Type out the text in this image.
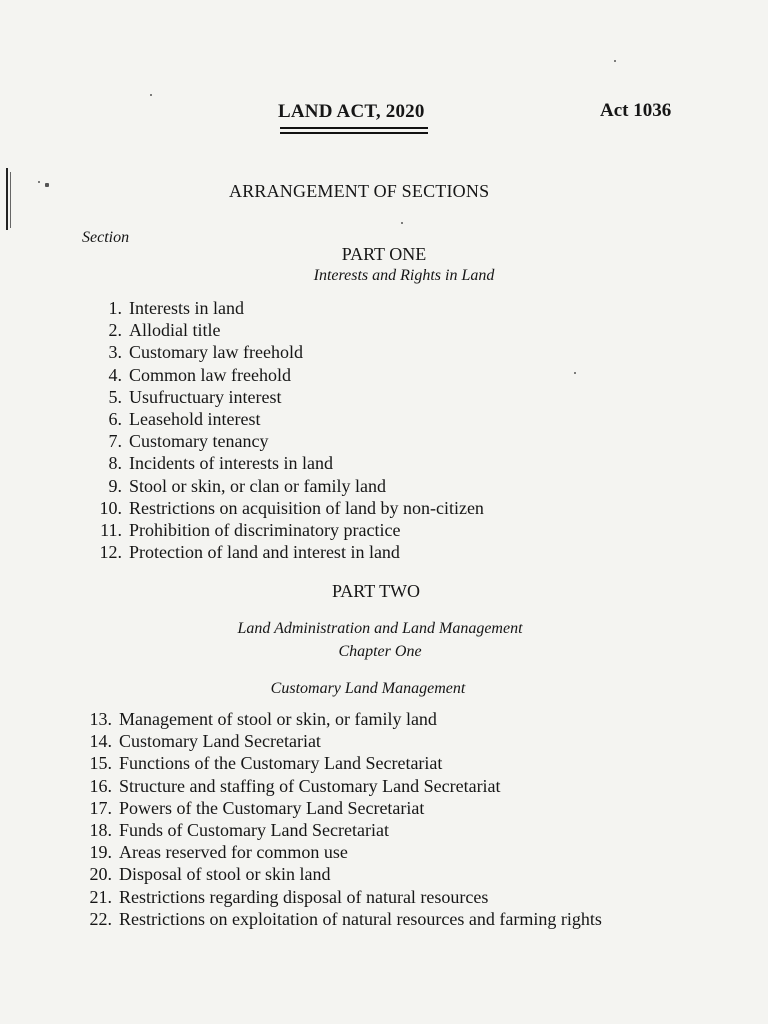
LAND ACT, 2020	Act 1036
ARRANGEMENT OF SECTIONS
Section
PART ONE
Interests and Rights in Land
1. Interests in land
2. Allodial title
3. Customary law freehold
4. Common law freehold
5. Usufructuary interest
6. Leasehold interest
7. Customary tenancy
8. Incidents of interests in land
9. Stool or skin, or clan or family land
10. Restrictions on acquisition of land by non-citizen
11. Prohibition of discriminatory practice
12. Protection of land and interest in land
PART TWO
Land Administration and Land Management
Chapter One
Customary Land Management
13. Management of stool or skin, or family land
14. Customary Land Secretariat
15. Functions of the Customary Land Secretariat
16. Structure and staffing of Customary Land Secretariat
17. Powers of the Customary Land Secretariat
18. Funds of Customary Land Secretariat
19. Areas reserved for common use
20. Disposal of stool or skin land
21. Restrictions regarding disposal of natural resources
22. Restrictions on exploitation of natural resources and farming rights
